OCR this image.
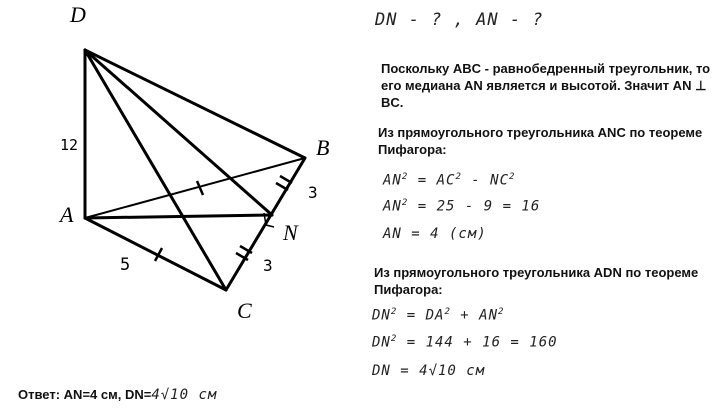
D
A
B
C
N
12
5
3
3
DN - ? , AN - ?
Поскольку ABC - равнобедренный треугольник, то его медиана AN является и высотой. Значит AN ⊥ BC.
Из прямоугольного треугольника ANC по теореме Пифагора:
$AN^2 = AC^2 - NC^2$
$AN^2 = 25 - 9 = 16$
AN = 4 (см)
Из прямоугольного треугольника ADN по теореме Пифагора:
$DN^2 = DA^2 + AN^2$
$DN^2 = 144 + 16 = 160$
DN = 4√10 см
Ответ: AN=4 см, DN=4√10 см
